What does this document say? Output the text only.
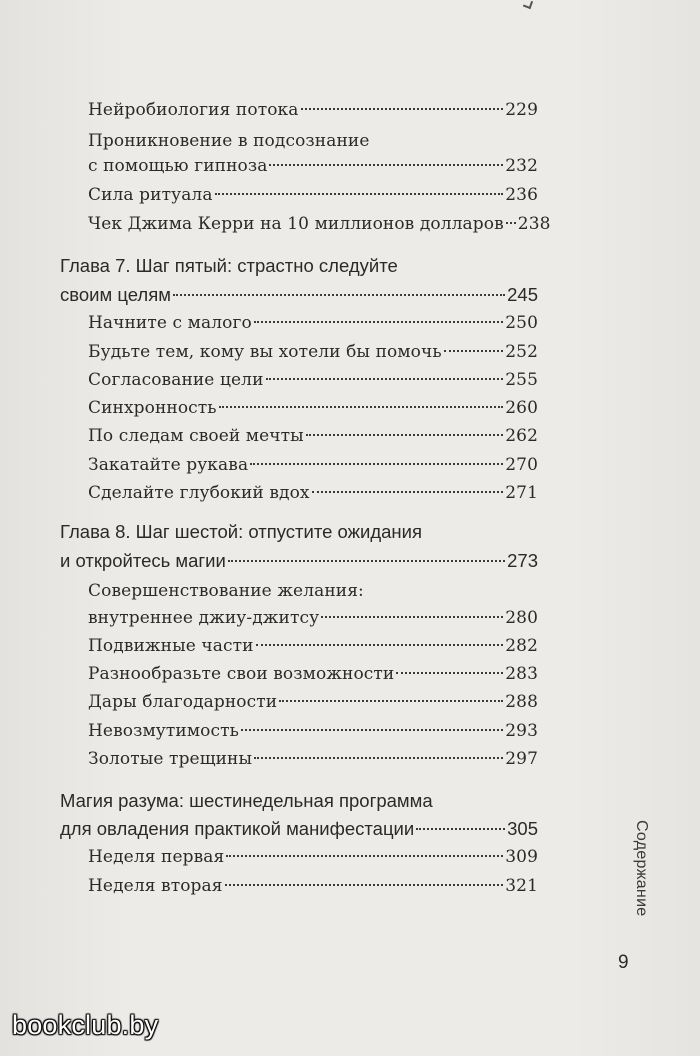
Нейробиология потока	229
Проникновение в подсознание
с помощью гипноза	232
Сила ритуала	236
Чек Джима Керри на 10 миллионов долларов 238
Глава 7. Шаг пятый: страстно следуйте
своим целям	245
Начните с малого	250
Будьте тем, кому вы хотели бы помочь	252
Согласование цели	255
Синхронность	260
По следам своей мечты	262
Закатайте рукава	270
Сделайте глубокий вдох	271
Глава 8. Шаг шестой: отпустите ожидания
и откройтесь магии	273
Совершенствование желания:
внутреннее джиу-джитсу	280
Подвижные части	282
Разнообразьте свои возможности	283
Дары благодарности	288
Невозмутимость	293
Золотые трещины	297
Магия разума: шестинедельная программа
для овладения практикой манифестации	305
Неделя первая	309
Неделя вторая	321	Содержание
9
bookclub.by
